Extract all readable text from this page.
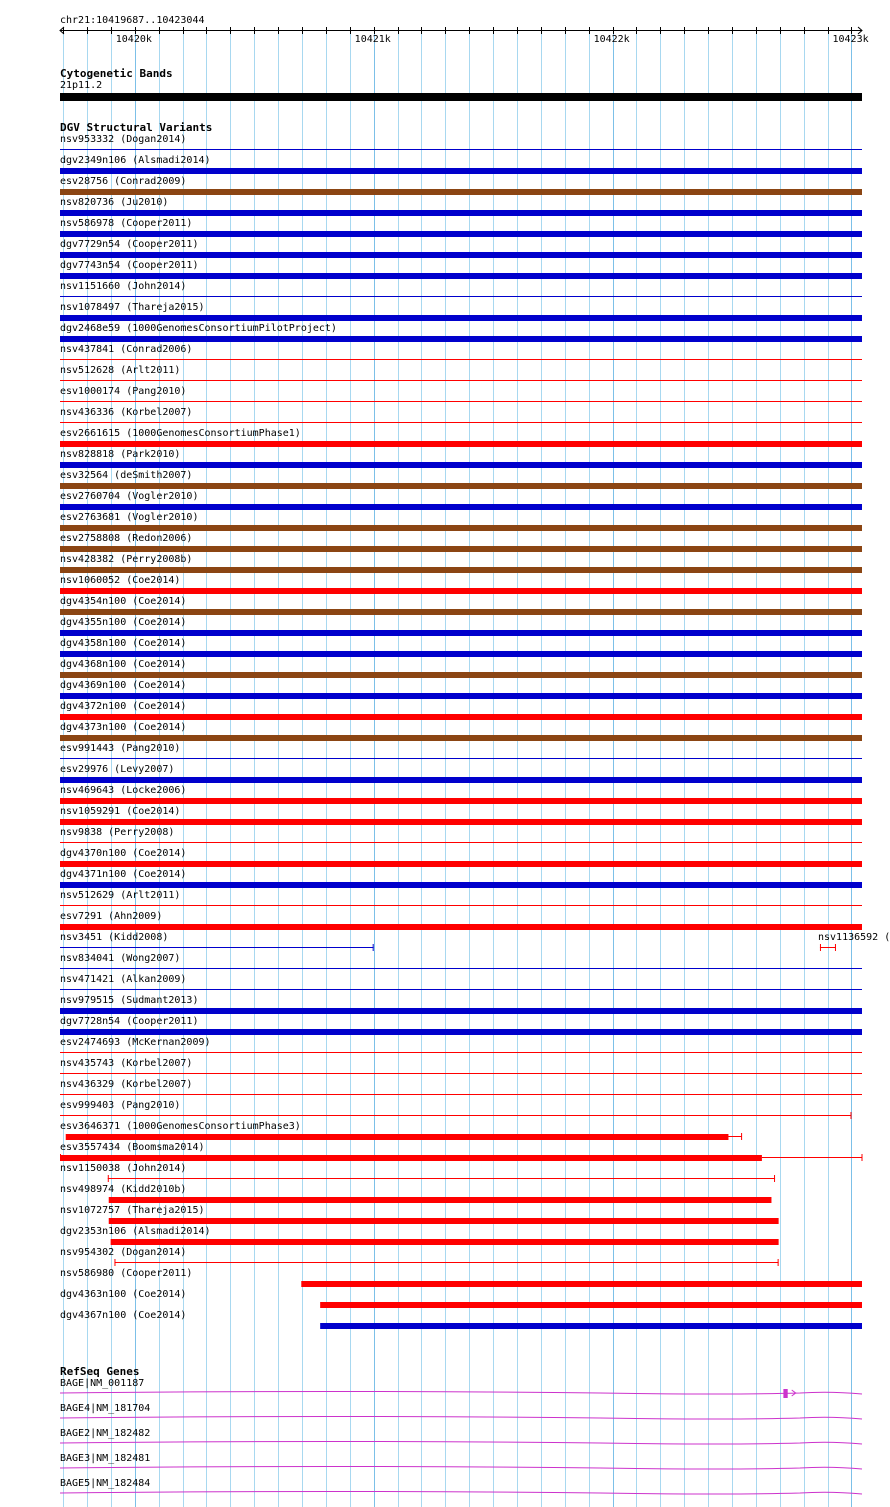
chr21:10419687..10423044
Cytogenetic Bands
21p11.2
DGV Structural Variants
RefSeq Genes
10420k	10421k	10422k	10423k
nsv953332 (Dogan2014)
dgv2349n106 (Alsmadi2014)
esv28756 (Conrad2009)
nsv820736 (Ju2010)
nsv586978 (Cooper2011)
dgv7729n54 (Cooper2011)
dgv7743n54 (Cooper2011)
nsv1151660 (John2014)
nsv1078497 (Thareja2015)
dgv2468e59 (1000GenomesConsortiumPilotProject)
nsv437841 (Conrad2006)
nsv512628 (Arlt2011)
esv1000174 (Pang2010)
nsv436336 (Korbel2007)
esv2661615 (1000GenomesConsortiumPhase1)
nsv828818 (Park2010)
esv32564 (deSmith2007)
esv2760704 (Vogler2010)
esv2763681 (Vogler2010)
esv2758808 (Redon2006)
nsv428382 (Perry2008b)
nsv1060052 (Coe2014)
dgv4354n100 (Coe2014)
dgv4355n100 (Coe2014)
dgv4358n100 (Coe2014)
dgv4368n100 (Coe2014)
dgv4369n100 (Coe2014)
dgv4372n100 (Coe2014)
dgv4373n100 (Coe2014)
esv991443 (Pang2010)
esv29976 (Levy2007)
nsv469643 (Locke2006)
nsv1059291 (Coe2014)
nsv9838 (Perry2008)
dgv4370n100 (Coe2014)
dgv4371n100 (Coe2014)
nsv512629 (Arlt2011)
esv7291 (Ahn2009)
nsv3451 (Kidd2008)
nsv834041 (Wong2007)
nsv471421 (Alkan2009)
nsv979515 (Sudmant2013)
dgv7728n54 (Cooper2011)
esv2474693 (McKernan2009)
nsv435743 (Korbel2007)
nsv436329 (Korbel2007)
esv999403 (Pang2010)
esv3646371 (1000GenomesConsortiumPhase3)
esv3557434 (Boomsma2014)
nsv1150038 (John2014)
nsv498974 (Kidd2010b)
nsv1072757 (Thareja2015)
dgv2353n106 (Alsmadi2014)
nsv954302 (Dogan2014)
nsv586980 (Cooper2011)
dgv4363n100 (Coe2014)
dgv4367n100 (Coe2014)
nsv1136592 (
BAGE|NM_001187
BAGE4|NM_181704
BAGE2|NM_182482
BAGE3|NM_182481
BAGE5|NM_182484
